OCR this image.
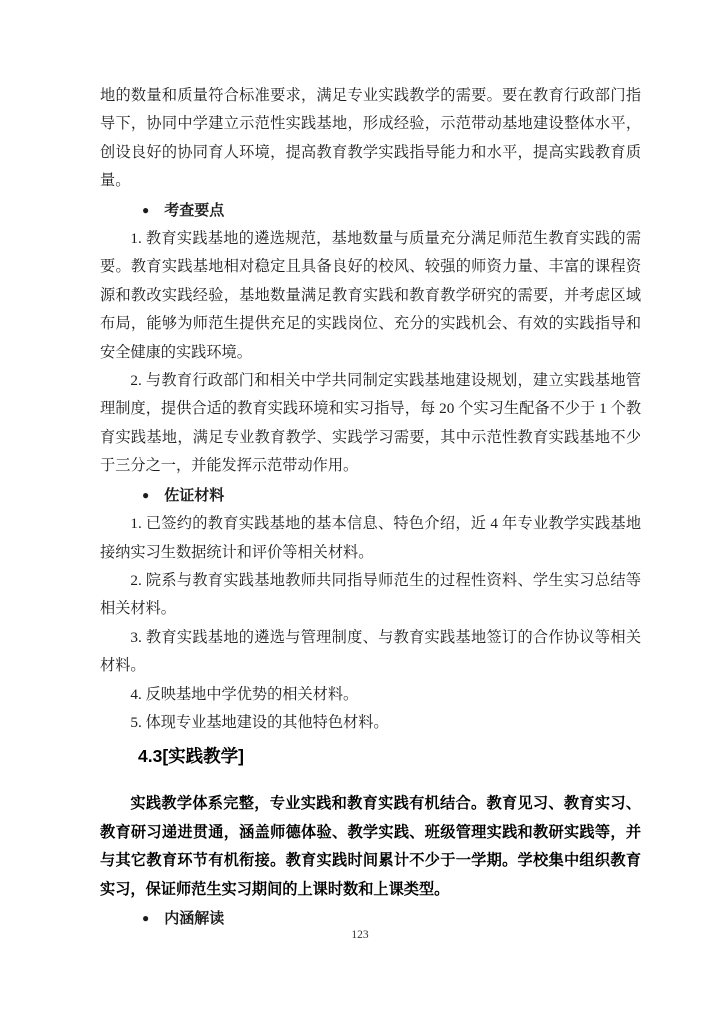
地的数量和质量符合标准要求，满足专业实践教学的需要。要在教育行政部门指导下，协同中学建立示范性实践基地，形成经验，示范带动基地建设整体水平，创设良好的协同育人环境，提高教育教学实践指导能力和水平，提高实践教育质量。

● 考查要点

1. 教育实践基地的遴选规范，基地数量与质量充分满足师范生教育实践的需要。教育实践基地相对稳定且具备良好的校风、较强的师资力量、丰富的课程资源和教改实践经验，基地数量满足教育实践和教育教学研究的需要，并考虑区域布局，能够为师范生提供充足的实践岗位、充分的实践机会、有效的实践指导和安全健康的实践环境。

2. 与教育行政部门和相关中学共同制定实践基地建设规划，建立实践基地管理制度，提供合适的教育实践环境和实习指导，每 20 个实习生配备不少于 1 个教育实践基地，满足专业教育教学、实践学习需要，其中示范性教育实践基地不少于三分之一，并能发挥示范带动作用。

● 佐证材料

1. 已签约的教育实践基地的基本信息、特色介绍，近 4 年专业教学实践基地接纳实习生数据统计和评价等相关材料。

2. 院系与教育实践基地教师共同指导师范生的过程性资料、学生实习总结等相关材料。

3. 教育实践基地的遴选与管理制度、与教育实践基地签订的合作协议等相关材料。

4. 反映基地中学优势的相关材料。

5. 体现专业基地建设的其他特色材料。

4.3[实践教学]

实践教学体系完整，专业实践和教育实践有机结合。教育见习、教育实习、教育研习递进贯通，涵盖师德体验、教学实践、班级管理实践和教研实践等，并与其它教育环节有机衔接。教育实践时间累计不少于一学期。学校集中组织教育实习，保证师范生实习期间的上课时数和上课类型。

● 内涵解读

123
